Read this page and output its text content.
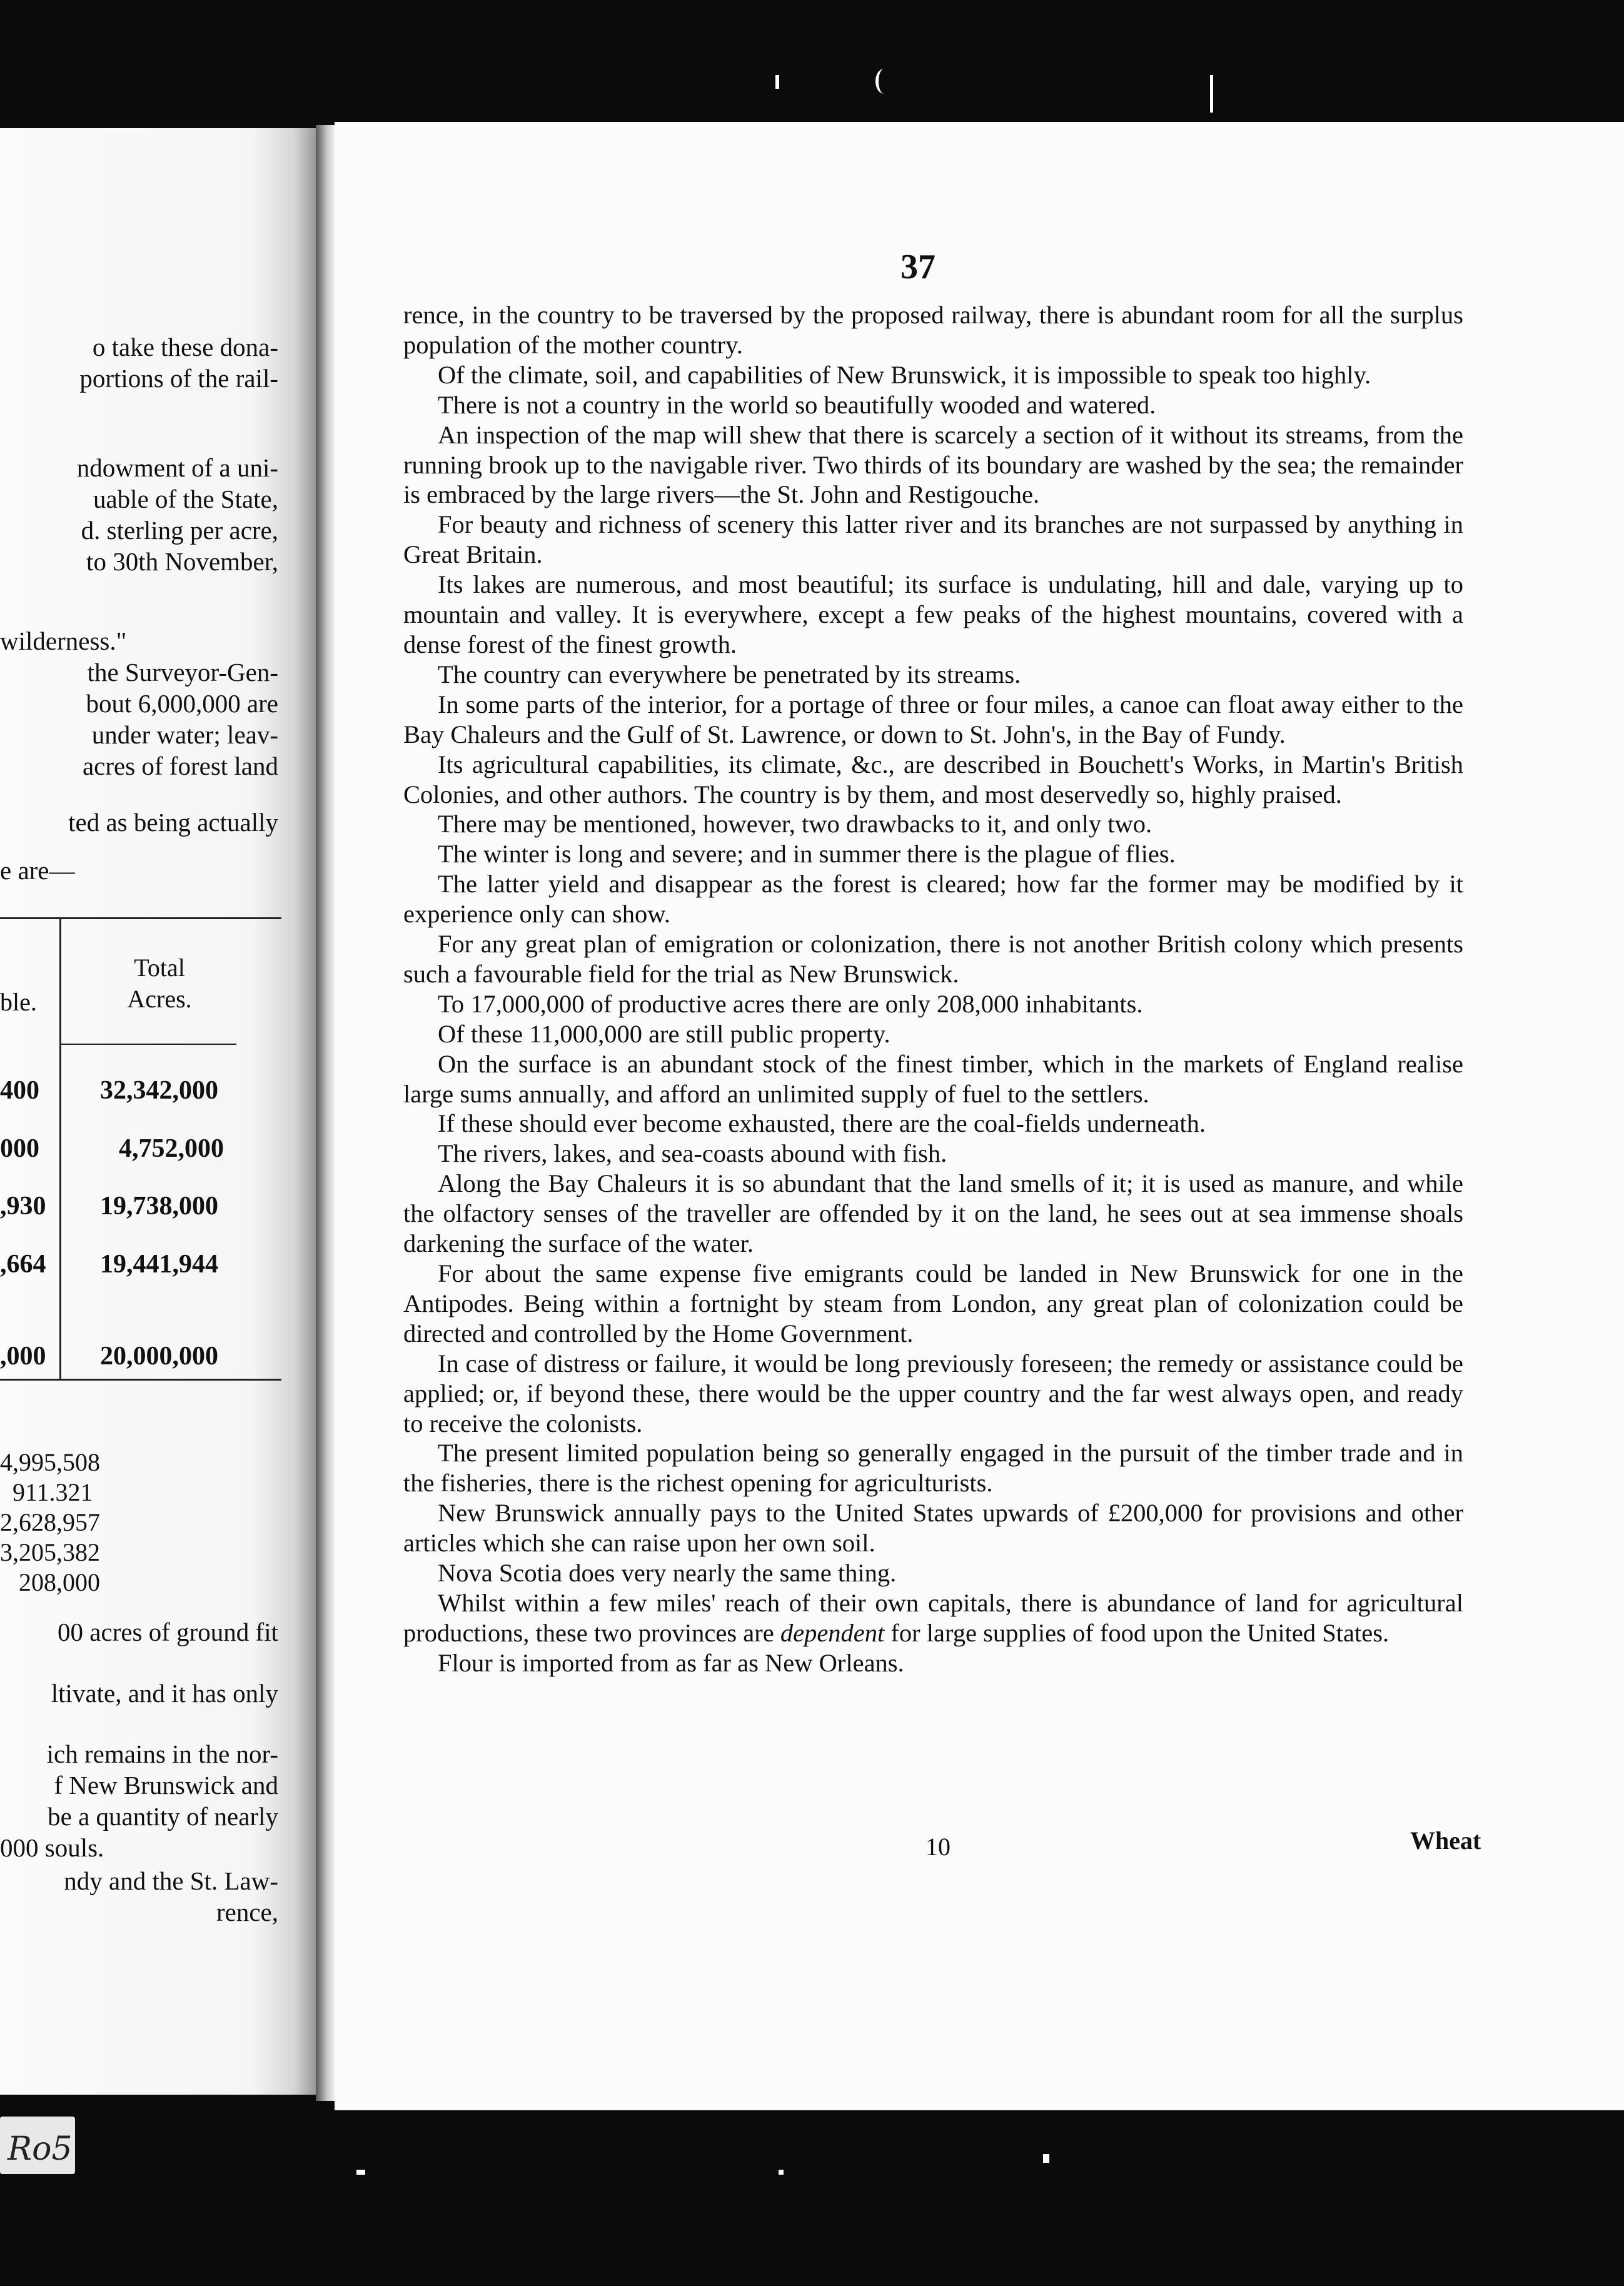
o take these dona-
portions of the rail-
ndowment of a uni-
uable of the State,
d. sterling per acre,
to 30th November,
wilderness."
the Surveyor-Gen-
bout 6,000,000 are
under water; leav-
acres of forest land
ted as being actually
e are—
ble.
Total
Acres.
400 32,342,000
000	4,752,000
,930 19,738,000
,664 19,441,944
,000 20,000,000
4,995,508
911.321
2,628,957
3,205,382
208,000
00 acres of ground fit
ltivate, and it has only
ich remains in the nor-
f New Brunswick and
be a quantity of nearly
000 souls.
ndy and the St. Law-
rence,
37

rence, in the country to be traversed by the proposed railway, there is abundant room for all the surplus population of the mother country.

Of the climate, soil, and capabilities of New Brunswick, it is impossible to speak too highly.

There is not a country in the world so beautifully wooded and watered.

An inspection of the map will shew that there is scarcely a section of it without its streams, from the running brook up to the navigable river. Two thirds of its boundary are washed by the sea; the remainder is embraced by the large rivers—the St. John and Restigouche.

For beauty and richness of scenery this latter river and its branches are not surpassed by anything in Great Britain.

Its lakes are numerous, and most beautiful; its surface is undulating, hill and dale, varying up to mountain and valley. It is everywhere, except a few peaks of the highest mountains, covered with a dense forest of the finest growth.

The country can everywhere be penetrated by its streams.

In some parts of the interior, for a portage of three or four miles, a canoe can float away either to the Bay Chaleurs and the Gulf of St. Lawrence, or down to St. John's, in the Bay of Fundy.

Its agricultural capabilities, its climate, &c., are described in Bouchett's Works, in Martin's British Colonies, and other authors. The country is by them, and most deservedly so, highly praised.

There may be mentioned, however, two drawbacks to it, and only two.

The winter is long and severe; and in summer there is the plague of flies.

The latter yield and disappear as the forest is cleared; how far the former may be modified by it experience only can show.

For any great plan of emigration or colonization, there is not another British colony which presents such a favourable field for the trial as New Brunswick.

To 17,000,000 of productive acres there are only 208,000 inhabitants.

Of these 11,000,000 are still public property.

On the surface is an abundant stock of the finest timber, which in the markets of England realise large sums annually, and afford an unlimited supply of fuel to the settlers.

If these should ever become exhausted, there are the coal-fields underneath.

The rivers, lakes, and sea-coasts abound with fish.

Along the Bay Chaleurs it is so abundant that the land smells of it; it is used as manure, and while the olfactory senses of the traveller are offended by it on the land, he sees out at sea immense shoals darkening the surface of the water.

For about the same expense five emigrants could be landed in New Brunswick for one in the Antipodes. Being within a fortnight by steam from London, any great plan of colonization could be directed and controlled by the Home Government.

In case of distress or failure, it would be long previously foreseen; the remedy or assistance could be applied; or, if beyond these, there would be the upper country and the far west always open, and ready to receive the colonists.

The present limited population being so generally engaged in the pursuit of the timber trade and in the fisheries, there is the richest opening for agriculturists.

New Brunswick annually pays to the United States upwards of £200,000 for provisions and other articles which she can raise upon her own soil.

Nova Scotia does very nearly the same thing.

Whilst within a few miles' reach of their own capitals, there is abundance of land for agricultural productions, these two provinces are dependent for large supplies of food upon the United States.

Flour is imported from as far as New Orleans.

10	Wheat
Ro5
